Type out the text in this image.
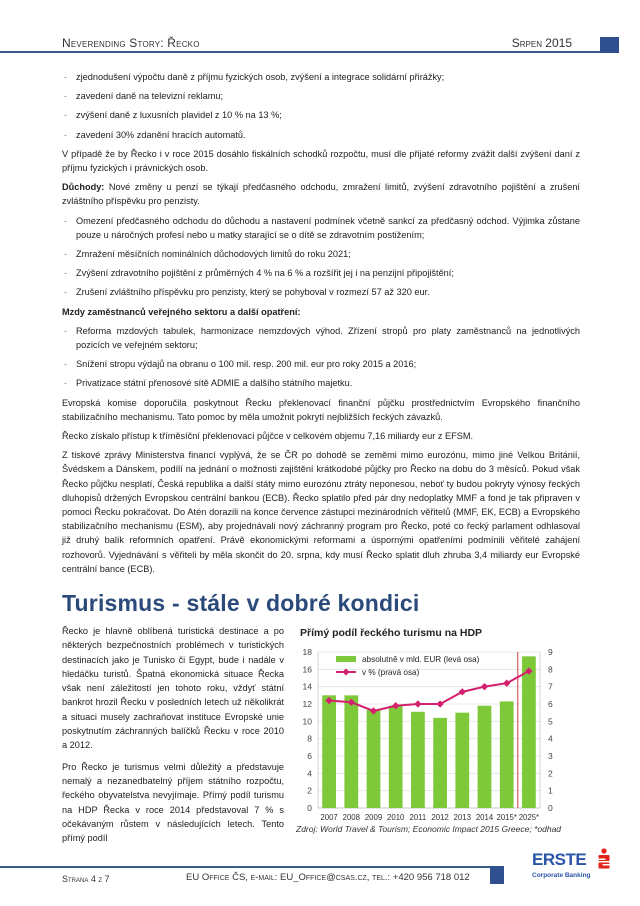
Neverending Story: Řecko	Srpen 2015
- zjednodušení výpočtu daně z příjmu fyzických osob, zvýšení a integrace solidární přirážky;
- zavedení daně na televizní reklamu;
- zvýšení daně z luxusních plavidel z 10 % na 13 %;
- zavedení 30% zdanění hracích automatů.

V případě že by Řecko i v roce 2015 dosáhlo fiskálních schodků rozpočtu, musí dle přijaté reformy zvážit další zvýšení daní z příjmu fyzických i právnických osob.

Důchody: Nové změny u penzí se týkají předčasného odchodu, zmražení limitů, zvýšení zdravotního pojištění a zrušení zvláštního příspěvku pro penzisty.

- Omezení předčasného odchodu do důchodu a nastavení podmínek včetně sankcí za předčasný odchod. Výjimka zůstane pouze u náročných profesí nebo u matky starající se o dítě se zdravotním postižením;
- Zmražení měsíčních nominálních důchodových limitů do roku 2021;
- Zvýšení zdravotního pojištění z průměrných 4 % na 6 % a rozšířit jej i na penzijní připojištění;
- Zrušení zvláštního příspěvku pro penzisty, který se pohyboval v rozmezí 57 až 320 eur.

Mzdy zaměstnanců veřejného sektoru a další opatření:

- Reforma mzdových tabulek, harmonizace nemzdových výhod. Zřízení stropů pro platy zaměstnanců na jednotlivých pozicích ve veřejném sektoru;
- Snížení stropu výdajů na obranu o 100 mil. resp. 200 mil. eur pro roky 2015 a 2016;
- Privatizace státní přenosové sítě ADMIE a dalšího státního majetku.

Evropská komise doporučila poskytnout Řecku překlenovací finanční půjčku prostřednictvím Evropského finančního stabilizačního mechanismu. Tato pomoc by měla umožnit pokrytí nejbližších řeckých závazků.

Řecko získalo přístup k tříměsíční překlenovací půjčce v celkovém objemu 7,16 miliardy eur z EFSM.

Z tiskové zprávy Ministerstva financí vyplývá, že se ČR po dohodě se zeměmi mimo eurozónu, mimo jiné Velkou Británií, Švédskem a Dánskem, podílí na jednání o možnosti zajištění krátkodobé půjčky pro Řecko na dobu do 3 měsíců. Pokud však Řecko půjčku nesplatí, Česká republika a další státy mimo eurozónu ztráty neponesou, neboť ty budou pokryty výnosy řeckých dluhopisů držených Evropskou centrální bankou (ECB). Řecko splatilo před pár dny nedoplatky MMF a fond je tak připraven v pomoci Řecku pokračovat. Do Atén dorazili na konce července zástupci mezinárodních věřitelů (MMF, EK, ECB) a Evropského stabilizačního mechanismu (ESM), aby projednávali nový záchranný program pro Řecko, poté co řecký parlament odhlasoval již druhý balík reformních opatření. Právě ekonomickými reformami a úspornými opatřeními podmínili věřitelé zahájení rozhovorů. Vyjednávání s věřiteli by měla skončit do 20. srpna, kdy musí Řecko splatit dluh zhruba 3,4 miliardy eur Evropské centrální bance (ECB).

Turismus - stále v dobré kondici

Řecko je hlavně oblíbená turistická destinace a po některých bezpečnostních problémech v turistických destinacích jako je Tunisko či Egypt, bude i nadále v hledáčku turistů. Špatná ekonomická situace Řecka však není záležitostí jen tohoto roku, vždyť státní bankrot hrozil Řecku v posledních letech už několikrát a situaci musely zachraňovat instituce Evropské unie poskytnutím záchranných balíčků Řecku v roce 2010 a 2012.

Pro Řecko je turismus velmi důležitý a představuje nemalý a nezanedbatelný příjem státního rozpočtu, řeckého obyvatelstva nevyjímaje. Přímý podíl turismu na HDP Řecka v roce 2014 představoval 7 % s očekávaným růstem v následujících letech. Tento přímý podíl

Přímý podíl řeckého turismu na HDP
0
2
4
6
8
10
12
14
16
18
0
1
2
3
4
5
6
7
8
9
2007 2008 2009 2010 2011 2012 2013 2014 2015* 2025*
absolutně v mld. EUR (levá osa)
v % (pravá osa)
Zdroj: World Travel & Tourism; Economic Impact 2015 Greece; *odhad
Strana 4 z 7	EU Office ČS, e-mail: EU_Office@csas.cz, tel.: +420 956 718 012
ERSTE
Corporate Banking
